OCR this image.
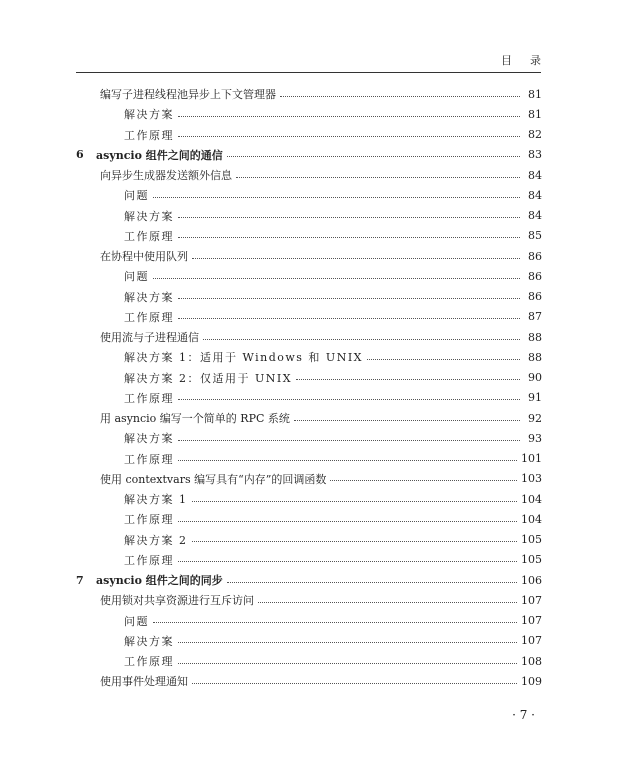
目录
编写子进程线程池异步上下文管理器	81
解决方案	81
工作原理	82
6	asyncio 组件之间的通信	83
向异步生成器发送额外信息	84
问题	84
解决方案	84
工作原理	85
在协程中使用队列	86
问题	86
解决方案	86
工作原理	87
使用流与子进程通信	88
解决方案 1：适用于 Windows 和 UNIX	88
解决方案 2：仅适用于 UNIX	90
工作原理	91
用 asyncio 编写一个简单的 RPC 系统	92
解决方案	93
工作原理	101
使用 contextvars 编写具有“内存”的回调函数	103
解决方案 1	104
工作原理	104
解决方案 2	105
工作原理	105
7	asyncio 组件之间的同步	106
使用锁对共享资源进行互斥访问	107
问题	107
解决方案	107
工作原理	108
使用事件处理通知	109
· 7 ·
